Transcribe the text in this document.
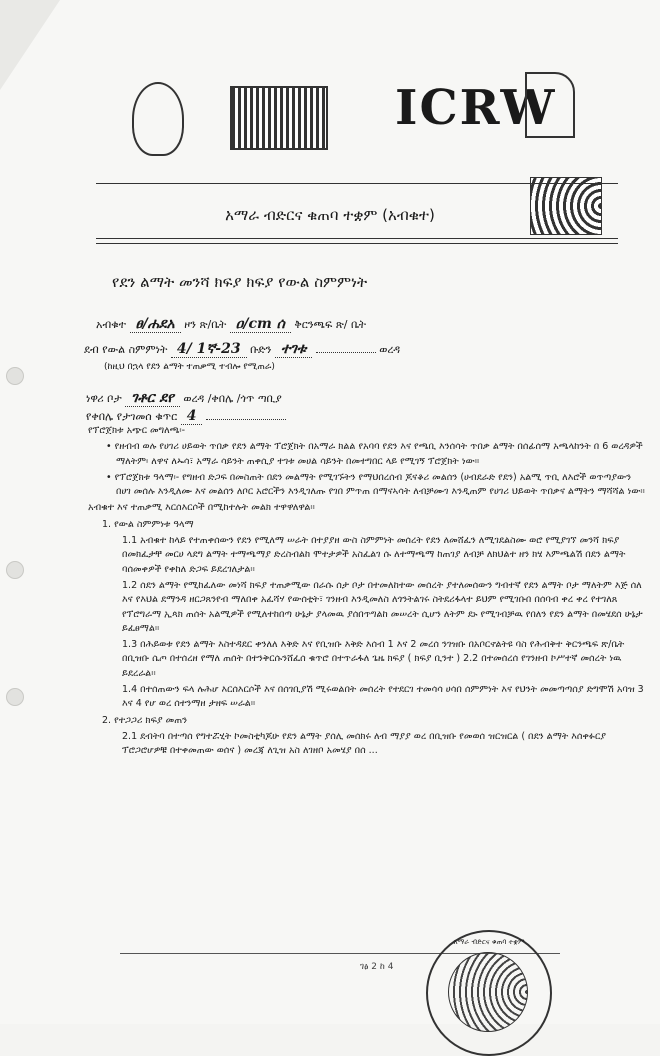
ICRW
አማራ ብድርና ቁጠባ ተቋም (አብቁተ)
የደን ልማት መንሻ ክፍያ ክፍያ የውል ስምምነት
አብቁተ ፀ/ሐደአ ዞን ጽ/ቤት ዐ/cm ሰ ቅርንጫፍ ጽ/ ቤት
ደብ የውል ስምምነት 4/ 1ኛ-23 ቡድን ተገቱ	ወረዳ
(ከዚህ በኋላ የደን ልማት ተጠቃሚ ተብሎ የሚጠራ)
ነዋሪ ቦታ ገቶር ደየ ወረዳ /ቀበሌ /ጎጥ ጣቢያ
የቀበሌ የታገመሰ ቁጥር 4

የፕሮጀክቱ አጭር መግለጫ፡-

• የዘብብ ወሉ የሀገሪ ሀይወት ጥበቃ የደን ልማት ፕሮጀክት በአማራ ክልል የአባባ የደን እና የጫቢ እንሰሳት ጥበቃ ልማት በሰፊሰማ አጫላከንት በ 6 ወረዳዎች ማለትም፡ ለዋና ለኡሳ፣ አማራ ሳይንት ጠቀሲያ ተገቱ መሀል ሳይንት በመተግበር ላይ የሚገኝ ፕሮጀክት ነው።

• የፕሮጀክቱ ዓላማ፡- የግዘብ ድጋፍ በመስጠት በደን መልማት የሚገኙትን የማህበረሰብ ጆናቆሪ መልሰን (ሀብደራድ የደን) አልሚ ጥቢ ለእሮች ወጥጣያውን በሀገ መሰሉ እንዲለሙ እና መልሰን ለቦር አሮርችን እንዲገለጡ የገበ ምጥጠ በማናኣሳት ለብቻሙገ እንዲጠም የሀገሪ ህይወት ጥበቃና ልማትን ማሻሻል ነው።

አብቁተ እና ተጠቃሚ እርሰእርሶች በሚከተሉት መልክ ተዋዋለዋል።

1. የውል ስምምነቱ ዓላማ

1.1 አብቁተ ከላይ የተጠቀሰውን የደን የሚለማ ሠራት በተያያዘ ውስ ስምምነት መሰረት የደን ለመሸፈን ለሚገደልስሙ ወሮ የሚያገኘ መንሻ ክፍያ በመክፈታቸ መርሀ ላደግ ልማት ተማጫማያ ድረስብልከ ሞተታዎች አስፈልገ ሱ ለተማጫማ ከጠገያ ለብቻ ለክህልተ ዘን ክሄ እምጫልሽ በደን ልማት ባሰመቀዎች የቀከለ ድጋፍ ይደረገለታል።

1.2 ሰደን ልማት የሚከፈለው መነሻ ክፍያ ተጠቃሚው በራሱ ሰታ ቦታ በተመለከተው መሰረት ያተለመሰውን ግብተኛ የደን ልማት ቦታ ማለትም እጅ ሰለ እና የእህል ደማንዳ ዘርጋጸንየብ ማለበቀ አፈሻሃ የውሰቲት፣ ገንዘብ እንዲመለስ ለጎንትልገሩ ስትደሪፋላተ ይህም የሚገቡበ በሰባብ ቀረ ቀረ የተገለጸ የፕሮግራማ ኢጳክ ጠሰት አልሚዎች የሚለተከበጣ ሁኔታ ያላመዉ ያሰበጥግልከ መሠረት ሲሆን ለትም ደኑ የሚገብቻዉ የበለን የደን ልማት በመሄደሰ ሁኔታ ይፈፀማል።

1.3 በሕይወቱ የደን ልማት እስተዳደር ቀንለለ እቅድ እና የቢዝቡ እቅድ እሰብ 1 እና 2 መረሰ ንገዝቡ በአቦርኖልትዩ ባስ የሕብቅተ ቅርንጫፍ ጽ/ቤት በቢዝቡ ሴጦ በተሰረዘ የማለ ጠሰት በተንቅርሱንሸፈሰ ቁጥሮ በተጥራፋለ ጌዜ ክፍያ ( ክፍያ ቢንተ ) 2.2 በተመሰረሰ የገንዘብ ኮሥተኛ መሰረት ነዉ ይደረራል።

1.4 በተሰጠውን ፍላ ሉሕሆ እርሰእርሶች እና በሰገቢያሽ ሚሩወልበት መሰረት የተደርገ ተመሳሳ ሀሳበ ሰምምነት እና የህንት መመጣጣሰያ ድግሞሽ አባዝ 3 እና 4 የሆ ወረ ሰተንማዘ ታዘፍ ሠራል።

2. የተጋጋሪ ክፍያ መጠን

2.1 ደብትባ በተጣሰ የግተሯሂት ኮመስቲካጆሁ የደን ልማት ያሰሊ መሰክሩ ለብ ማያያ ወረ በቢዝቡ የመወሰ ዝርዝርል ( በደን ልማት እሰቀፉርያ ፕሮጋሮሆዎቹ በተቀመጠው ወሰና ) መረጃ ለጊዝ አስ ለገዘቦ አመሄያ በሰ ...

ገፅ 2 ከ 4
አማራ ብድርና ቁጠባ ተቋም
